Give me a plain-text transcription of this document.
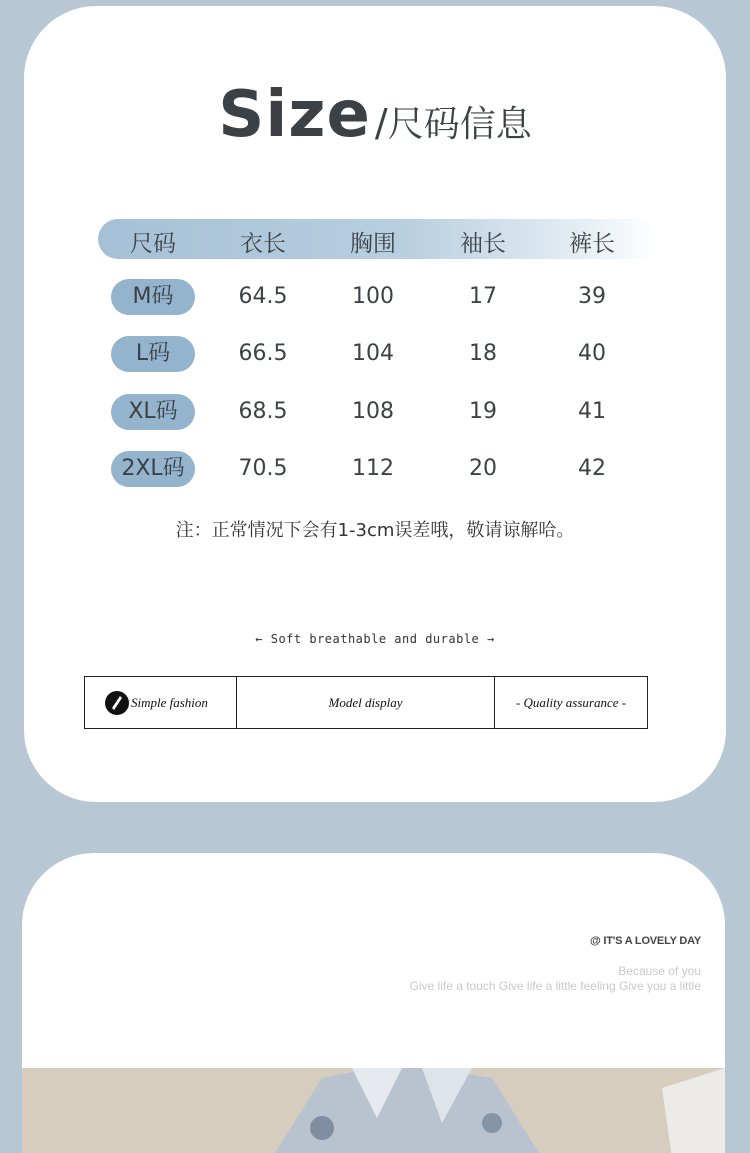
Size /尺码信息
尺码	衣长	胸围	袖长	裤长
M码	64.5	100	17	39
L码	66.5	104	18	40
XL码	68.5	108	19	41
2XL码	70.5	112	20	42
注：正常情况下会有1-3cm误差哦，敬请谅解哈。
← Soft breathable and durable →
Simple fashion	Model display	- Quality assurance -
@ IT'S A LOVELY DAY
Because of you
Give life a touch Give life a little feeling Give you a little
